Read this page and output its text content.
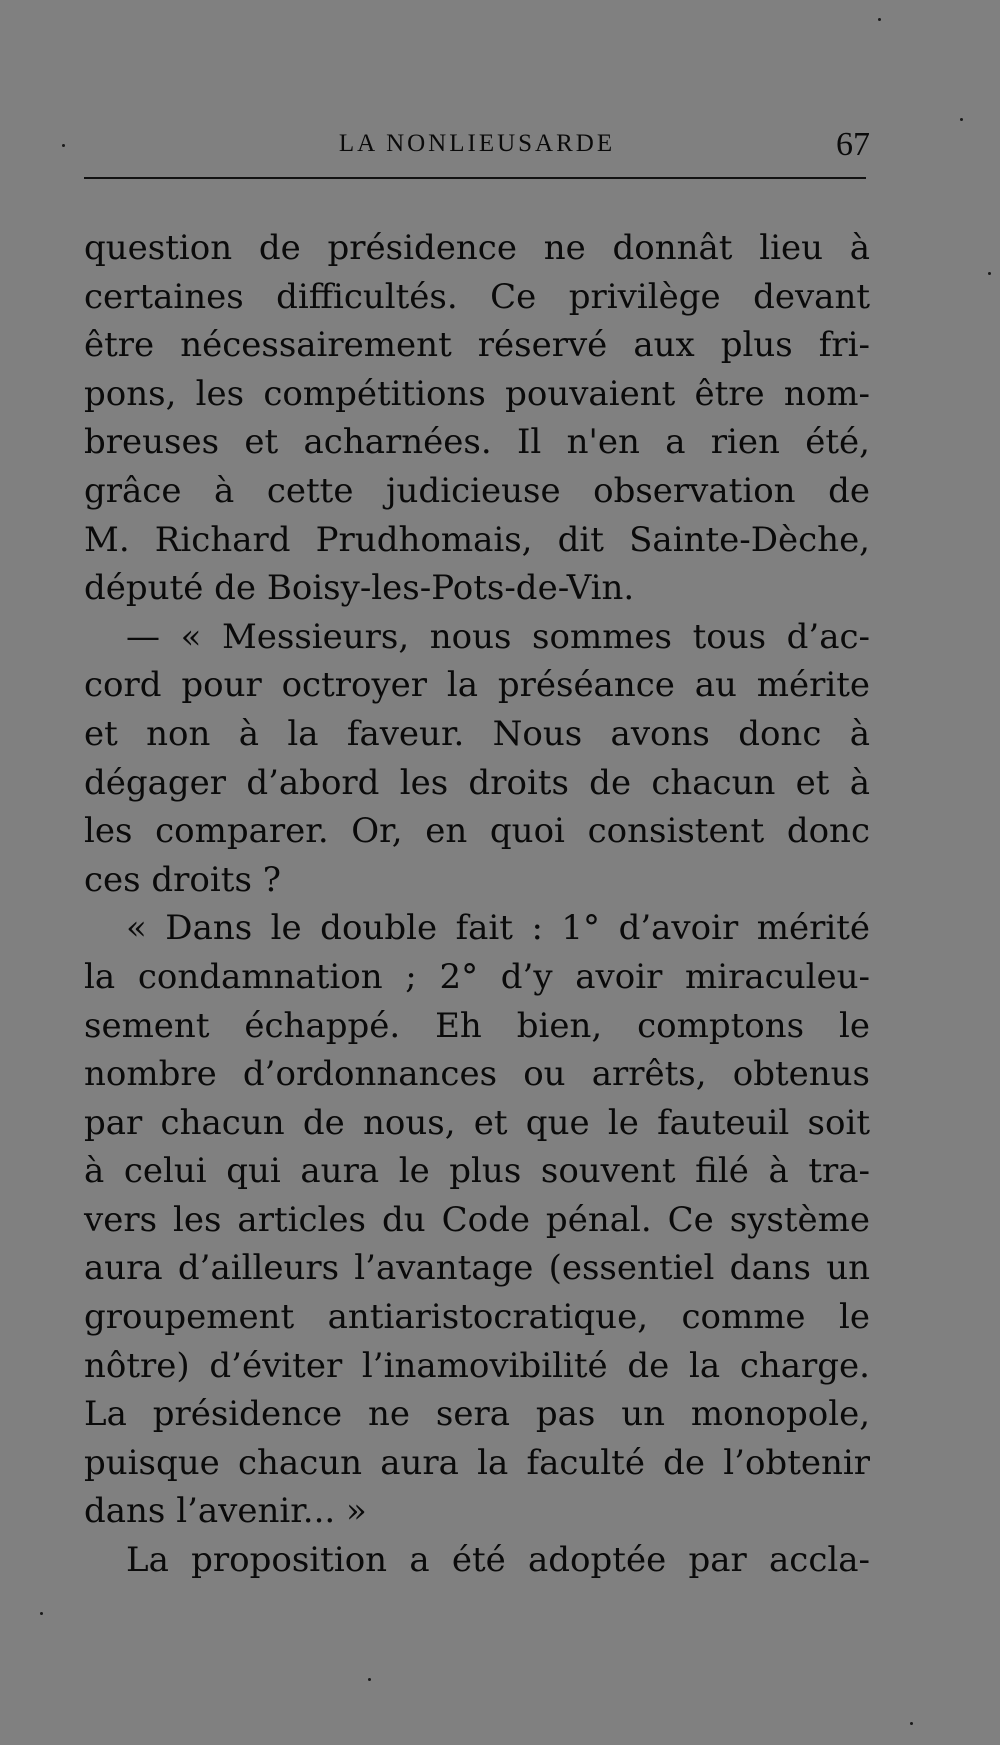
LA NONLIEUSARDE	67
question de présidence ne donnât lieu à
certaines difficultés. Ce privilège devant
être nécessairement réservé aux plus fri-
pons, les compétitions pouvaient être nom-
breuses et acharnées. Il n'en a rien été,
grâce à cette judicieuse observation de
M. Richard Prudhomais, dit Sainte-Dèche,
député de Boisy-les-Pots-de-Vin.
— « Messieurs, nous sommes tous d’ac-
cord pour octroyer la préséance au mérite
et non à la faveur. Nous avons donc à
dégager d’abord les droits de chacun et à
les comparer. Or, en quoi consistent donc
ces droits ?
« Dans le double fait : 1° d’avoir mérité
la condamnation ; 2° d’y avoir miraculeu-
sement échappé. Eh bien, comptons le
nombre d’ordonnances ou arrêts, obtenus
par chacun de nous, et que le fauteuil soit
à celui qui aura le plus souvent filé à tra-
vers les articles du Code pénal. Ce système
aura d’ailleurs l’avantage (essentiel dans un
groupement antiaristocratique, comme le
nôtre) d’éviter l’inamovibilité de la charge.
La présidence ne sera pas un monopole,
puisque chacun aura la faculté de l’obtenir
dans l’avenir... »
La proposition a été adoptée par accla-
